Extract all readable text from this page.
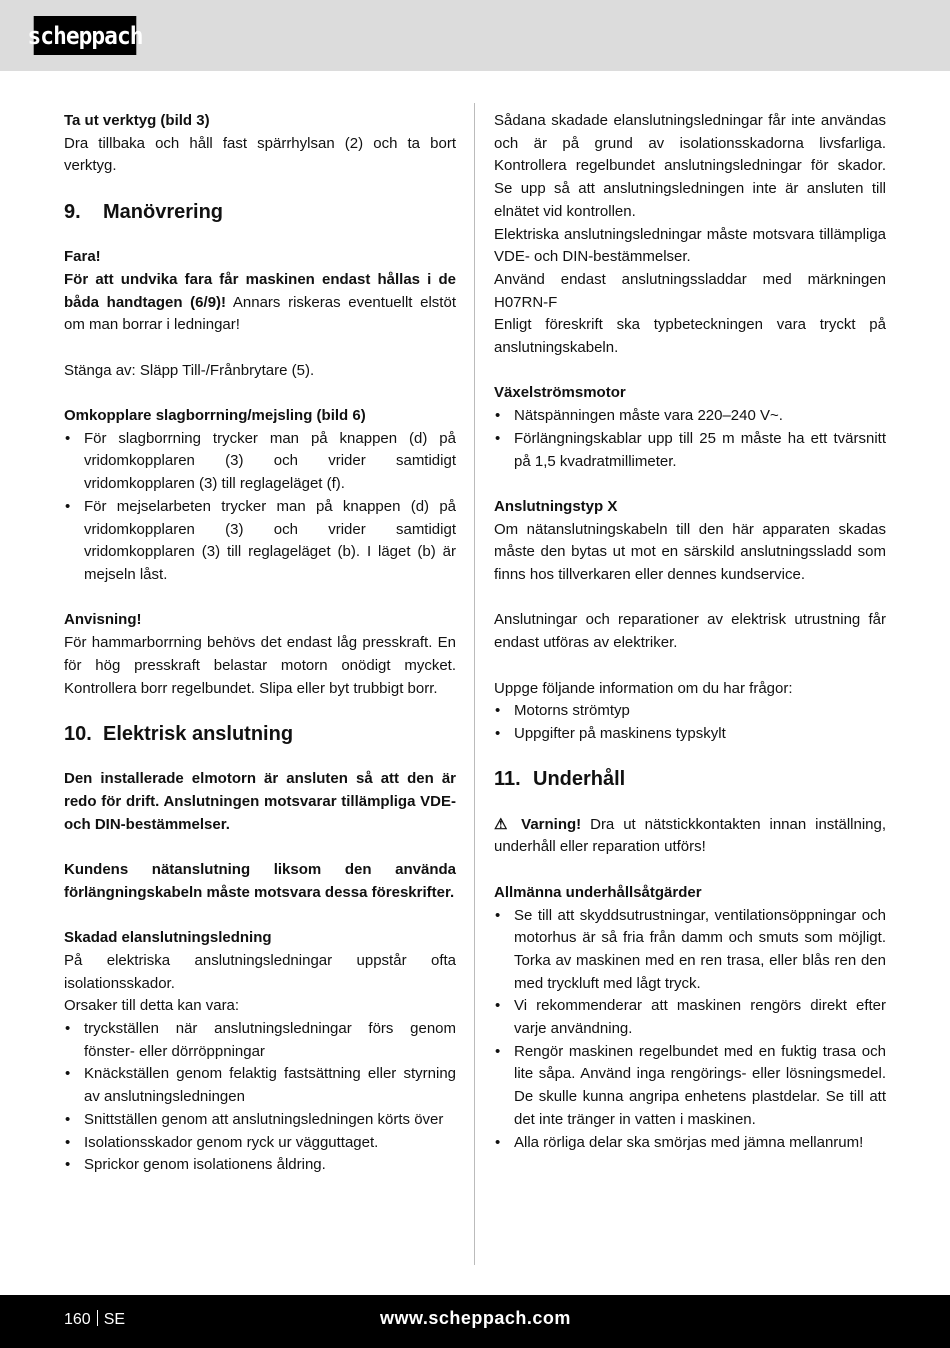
scheppach

Ta ut verktyg (bild 3)

Dra tillbaka och håll fast spärrhylsan (2) och ta bort verktyg.

9. Manövrering

Fara!

För att undvika fara får maskinen endast hållas i de båda handtagen (6/9)! Annars riskeras eventuellt elstöt om man borrar i ledningar!

Stänga av: Släpp Till-/Frånbrytare (5).

Omkopplare slagborrning/mejsling (bild 6)

• För slagborrning trycker man på knappen (d) på vridomkopplaren (3) och vrider samtidigt vridomkopplaren (3) till reglageläget (f).
• För mejselarbeten trycker man på knappen (d) på vridomkopplaren (3) och vrider samtidigt vridomkopplaren (3) till reglageläget (b). I läget (b) är mejseln låst.

Anvisning!

För hammarborrning behövs det endast låg presskraft. En för hög presskraft belastar motorn onödigt mycket. Kontrollera borr regelbundet. Slipa eller byt trubbigt borr.

10. Elektrisk anslutning

Den installerade elmotorn är ansluten så att den är redo för drift. Anslutningen motsvarar tillämpliga VDE- och DIN-bestämmelser.

Kundens nätanslutning liksom den använda förlängningskabeln måste motsvara dessa föreskrifter.

Skadad elanslutningsledning

På elektriska anslutningsledningar uppstår ofta isolationsskador.

Orsaker till detta kan vara:

• tryckställen när anslutningsledningar förs genom fönster- eller dörröppningar
• Knäckställen genom felaktig fastsättning eller styrning av anslutningsledningen
• Snittställen genom att anslutningsledningen körts över
• Isolationsskador genom ryck ur vägguttaget.
• Sprickor genom isolationens åldring.

Sådana skadade elanslutningsledningar får inte användas och är på grund av isolationsskadorna livsfarliga. Kontrollera regelbundet anslutningsledningar för skador. Se upp så att anslutningsledningen inte är ansluten till elnätet vid kontrollen.

Elektriska anslutningsledningar måste motsvara tillämpliga VDE- och DIN-bestämmelser.

Använd endast anslutningssladdar med märkningen H07RN-F

Enligt föreskrift ska typbeteckningen vara tryckt på anslutningskabeln.

Växelströmsmotor

• Nätspänningen måste vara 220–240 V~.
• Förlängningskablar upp till 25 m måste ha ett tvärsnitt på 1,5 kvadratmillimeter.

Anslutningstyp X

Om nätanslutningskabeln till den här apparaten skadas måste den bytas ut mot en särskild anslutningssladd som finns hos tillverkaren eller dennes kundservice.

Anslutningar och reparationer av elektrisk utrustning får endast utföras av elektriker.

Uppge följande information om du har frågor:

• Motorns strömtyp
• Uppgifter på maskinens typskylt
11. Underhåll

⚠ Varning! Dra ut nätstickkontakten innan inställning, underhåll eller reparation utförs!

Allmänna underhållsåtgärder

• Se till att skyddsutrustningar, ventilationsöppningar och motorhus är så fria från damm och smuts som möjligt. Torka av maskinen med en ren trasa, eller blås ren den med tryckluft med lågt tryck.
• Vi rekommenderar att maskinen rengörs direkt efter varje användning.
• Rengör maskinen regelbundet med en fuktig trasa och lite såpa. Använd inga rengörings- eller lösningsmedel. De skulle kunna angripa enhetens plastdelar. Se till att det inte tränger in vatten i maskinen.
• Alla rörliga delar ska smörjas med jämna mellanrum!
160 SE	www.scheppach.com
